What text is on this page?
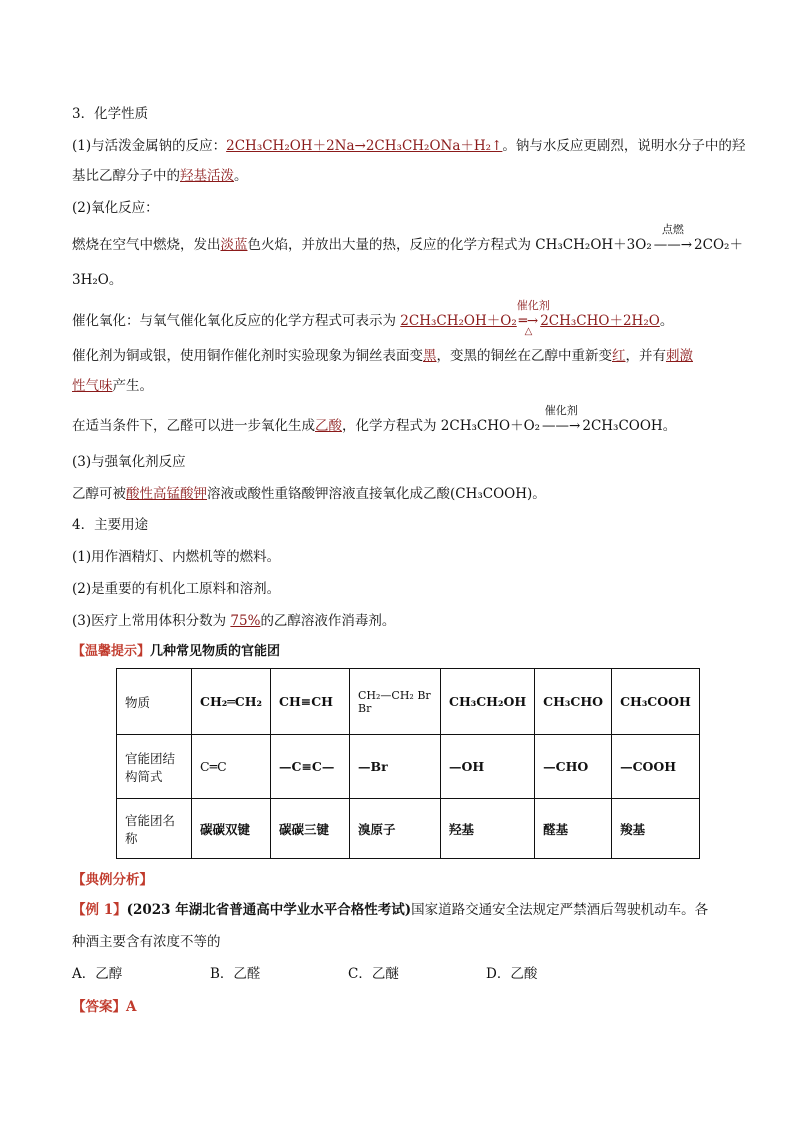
3．化学性质
(1)与活泼金属钠的反应：2CH₃CH₂OH＋2Na→2CH₃CH₂ONa＋H₂↑。钠与水反应更剧烈，说明水分子中的羟
基比乙醇分子中的羟基活泼。
(2)氧化反应：
燃烧在空气中燃烧，发出淡蓝色火焰，并放出大量的热，反应的化学方程式为 CH₃CH₂OH＋3O₂
点燃
——→ 2CO₂＋
3H₂O。
催化氧化：与氧气催化氧化反应的化学方程式可表示为 2CH₃CH₂OH＋O₂
催化剂
△
═→ 2CH₃CHO＋2H₂O。
催化剂为铜或银，使用铜作催化剂时实验现象为铜丝表面变黑，变黑的铜丝在乙醇中重新变红，并有刺激
性气味产生。
在适当条件下，乙醛可以进一步氧化生成乙酸，化学方程式为 2CH₃CHO＋O₂
催化剂
——→ 2CH₃COOH。
(3)与强氧化剂反应
乙醇可被酸性高锰酸钾溶液或酸性重铬酸钾溶液直接氧化成乙酸(CH₃COOH)。
4．主要用途
(1)用作酒精灯、内燃机等的燃料。
(2)是重要的有机化工原料和溶剂。
(3)医疗上常用体积分数为 75%的乙醇溶液作消毒剂。
【温馨提示】几种常见物质的官能团
物质	CH₂═CH₂	CH≡CH	CH₂—CH₂ Br Br	CH₃CH₂OH	CH₃CHO	CH₃COOH
官能团结构简式	C═C	—C≡C—	—Br	—OH	—CHO	—COOH
官能团名称	碳碳双键	碳碳三键	溴原子	羟基	醛基	羧基
【典例分析】
【例 1】(2023 年湖北省普通高中学业水平合格性考试)国家道路交通安全法规定严禁酒后驾驶机动车。各
种酒主要含有浓度不等的
A．乙醇	B．乙醛	C．乙醚	D．乙酸
【答案】A
